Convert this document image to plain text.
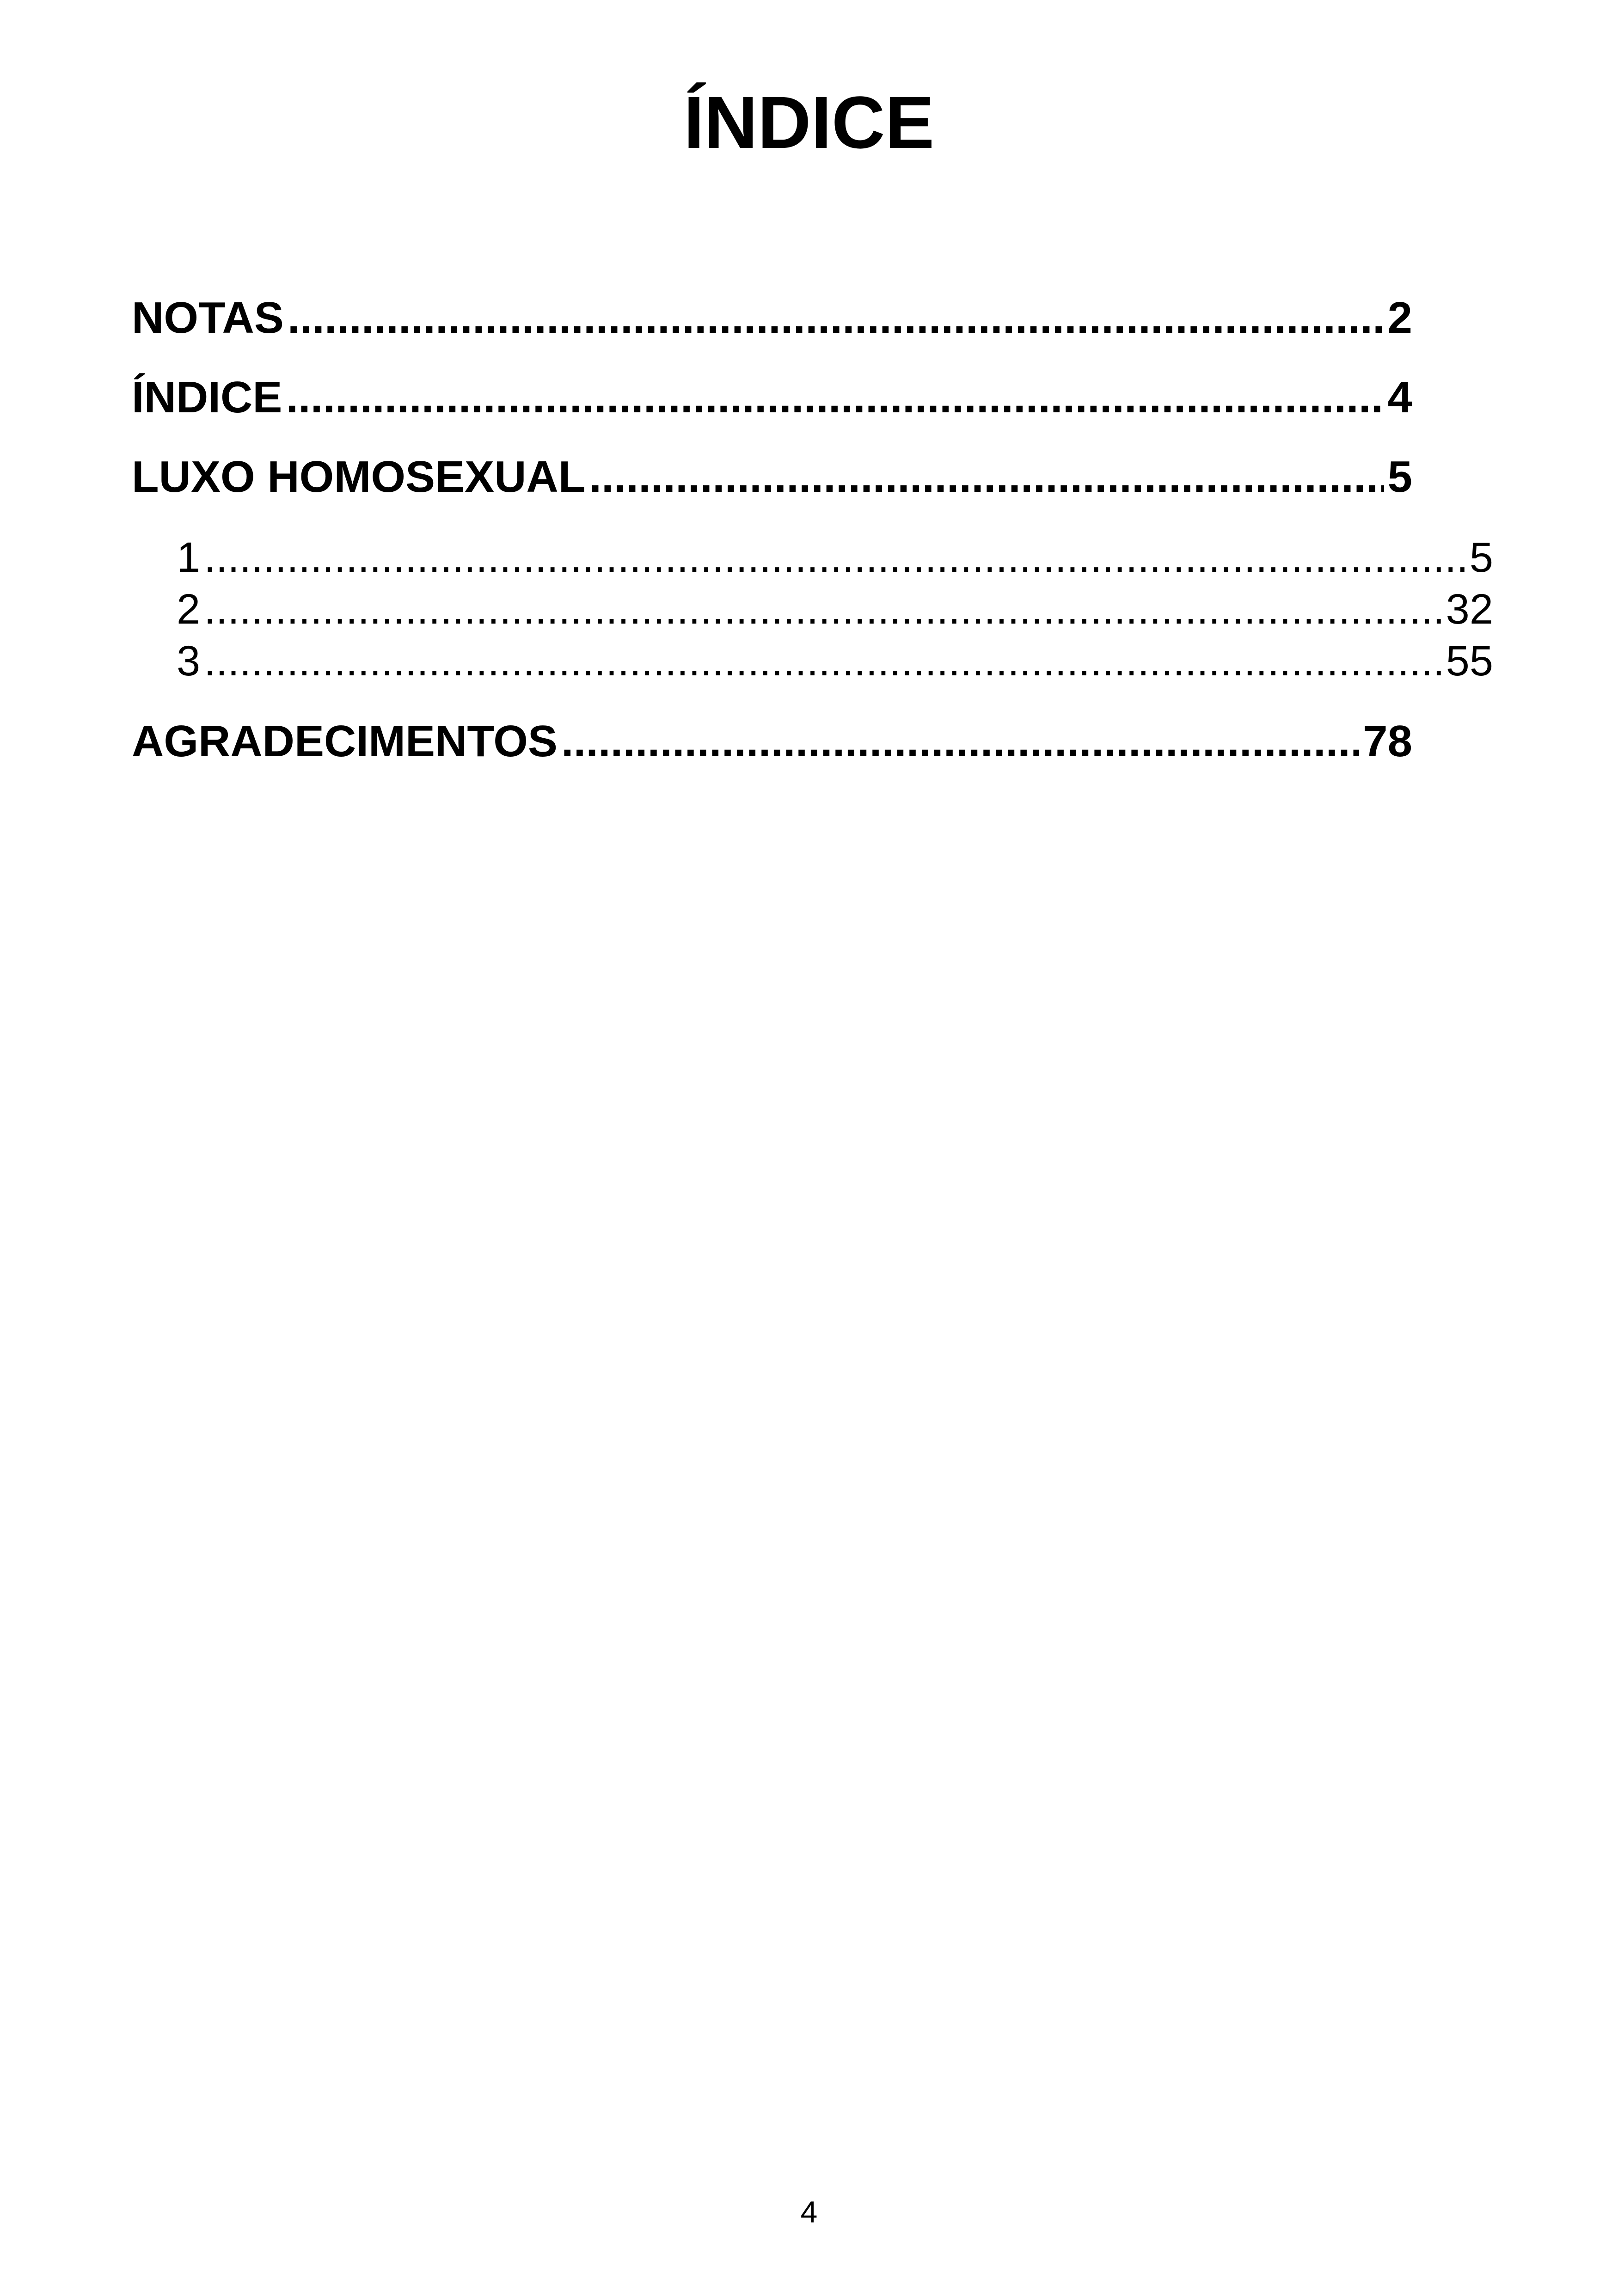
ÍNDICE
NOTAS .....	2
ÍNDICE .....	4
LUXO HOMOSEXUAL .....	5
1 .....	5
2 .....	32
3 .....	55
AGRADECIMENTOS .....	78
4
